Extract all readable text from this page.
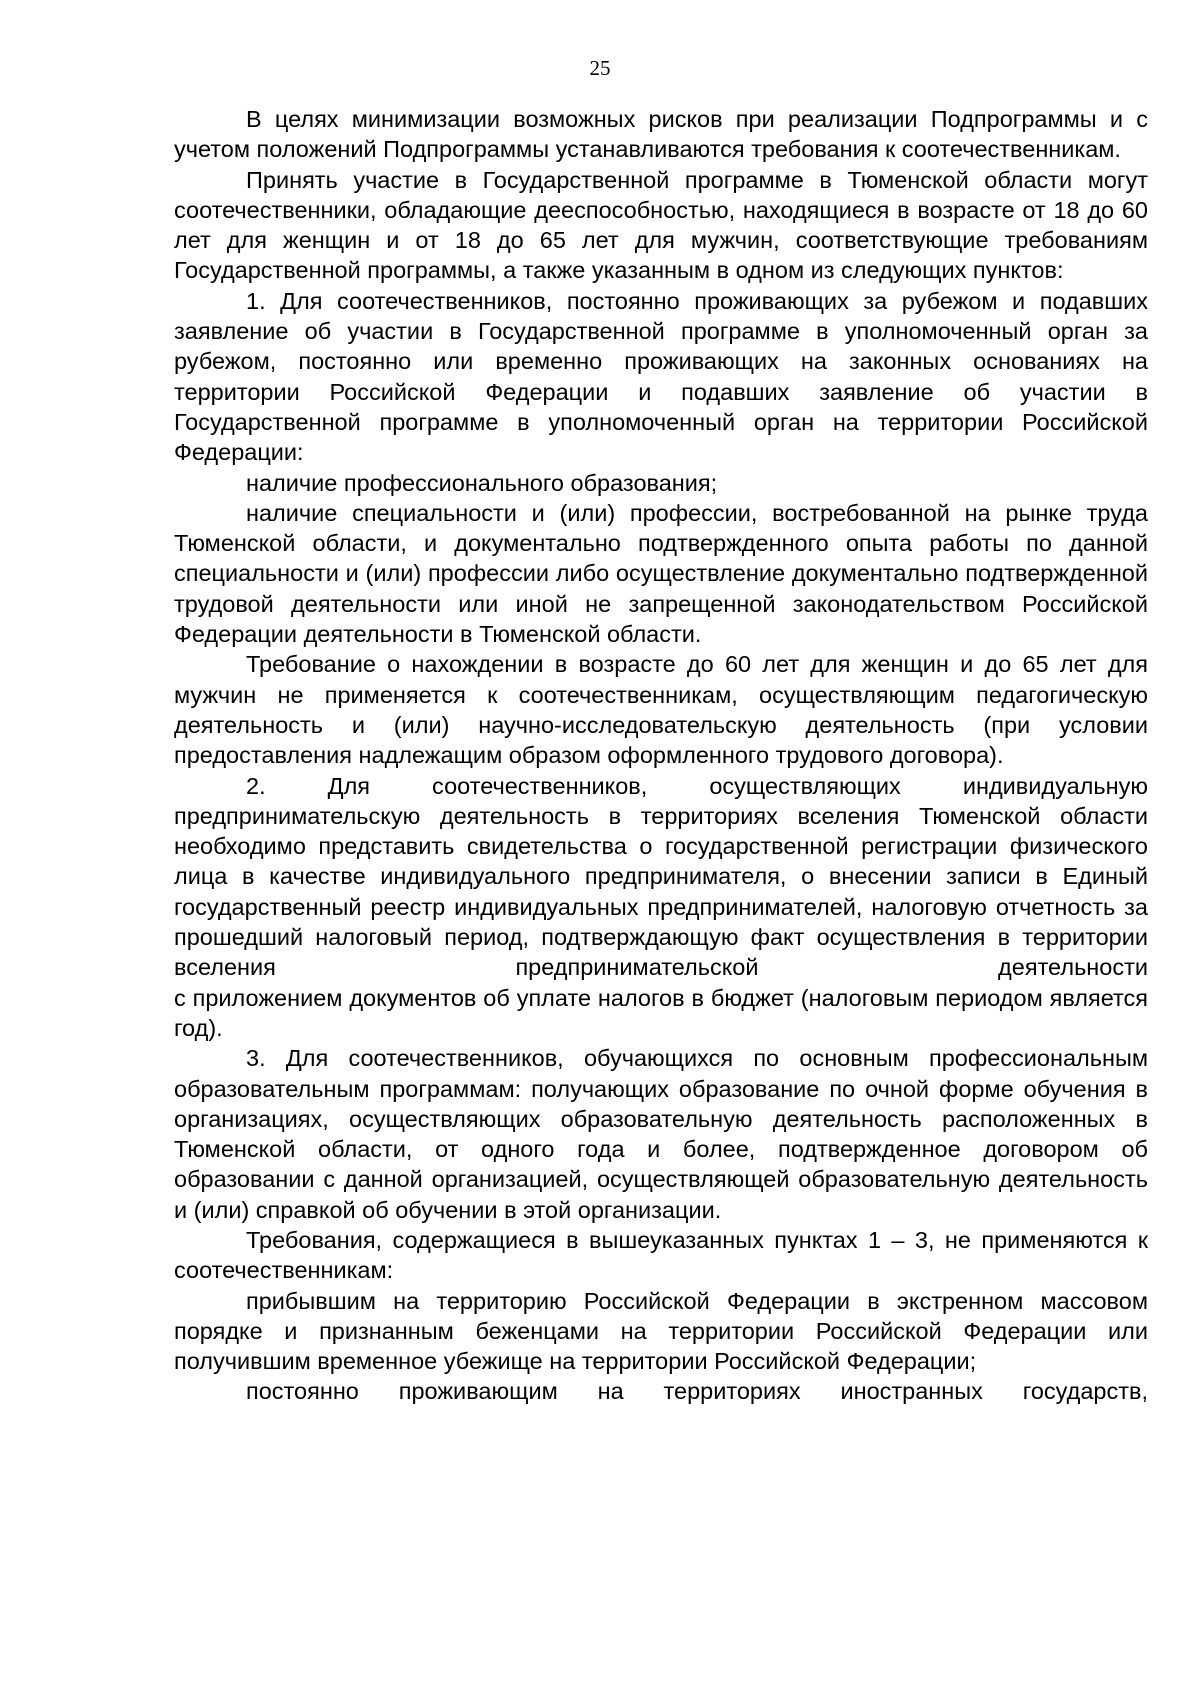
25

В целях минимизации возможных рисков при реализации Подпрограммы и с учетом положений Подпрограммы устанавливаются требования к соотечественникам.

Принять участие в Государственной программе в Тюменской области могут соотечественники, обладающие дееспособностью, находящиеся в возрасте от 18 до 60 лет для женщин и от 18 до 65 лет для мужчин, соответствующие требованиям Государственной программы, а также указанным в одном из следующих пунктов:

1. Для соотечественников, постоянно проживающих за рубежом и подавших заявление об участии в Государственной программе в уполномоченный орган за рубежом, постоянно или временно проживающих на законных основаниях на территории Российской Федерации и подавших заявление об участии в Государственной программе в уполномоченный орган на территории Российской Федерации:

наличие профессионального образования;

наличие специальности и (или) профессии, востребованной на рынке труда Тюменской области, и документально подтвержденного опыта работы по данной специальности и (или) профессии либо осуществление документально подтвержденной трудовой деятельности или иной не запрещенной законодательством Российской Федерации деятельности в Тюменской области.

Требование о нахождении в возрасте до 60 лет для женщин и до 65 лет для мужчин не применяется к соотечественникам, осуществляющим педагогическую деятельность и (или) научно-исследовательскую деятельность (при условии предоставления надлежащим образом оформленного трудового договора).

2. Для соотечественников, осуществляющих индивидуальную предпринимательскую деятельность в территориях вселения Тюменской области необходимо представить свидетельства о государственной регистрации физического лица в качестве индивидуального предпринимателя, о внесении записи в Единый государственный реестр индивидуальных предпринимателей, налоговую отчетность за прошедший налоговый период, подтверждающую факт осуществления в территории вселения предпринимательской деятельности

с приложением документов об уплате налогов в бюджет (налоговым периодом является год).

3. Для соотечественников, обучающихся по основным профессиональным образовательным программам: получающих образование по очной форме обучения в организациях, осуществляющих образовательную деятельность расположенных в Тюменской области, от одного года и более, подтвержденное договором об образовании с данной организацией, осуществляющей образовательную деятельность и (или) справкой об обучении в этой организации.

Требования, содержащиеся в вышеуказанных пунктах 1 – 3, не применяются к соотечественникам:

прибывшим на территорию Российской Федерации в экстренном массовом порядке и признанным беженцами на территории Российской Федерации или получившим временное убежище на территории Российской Федерации;

постоянно проживающим на территориях иностранных государств,
